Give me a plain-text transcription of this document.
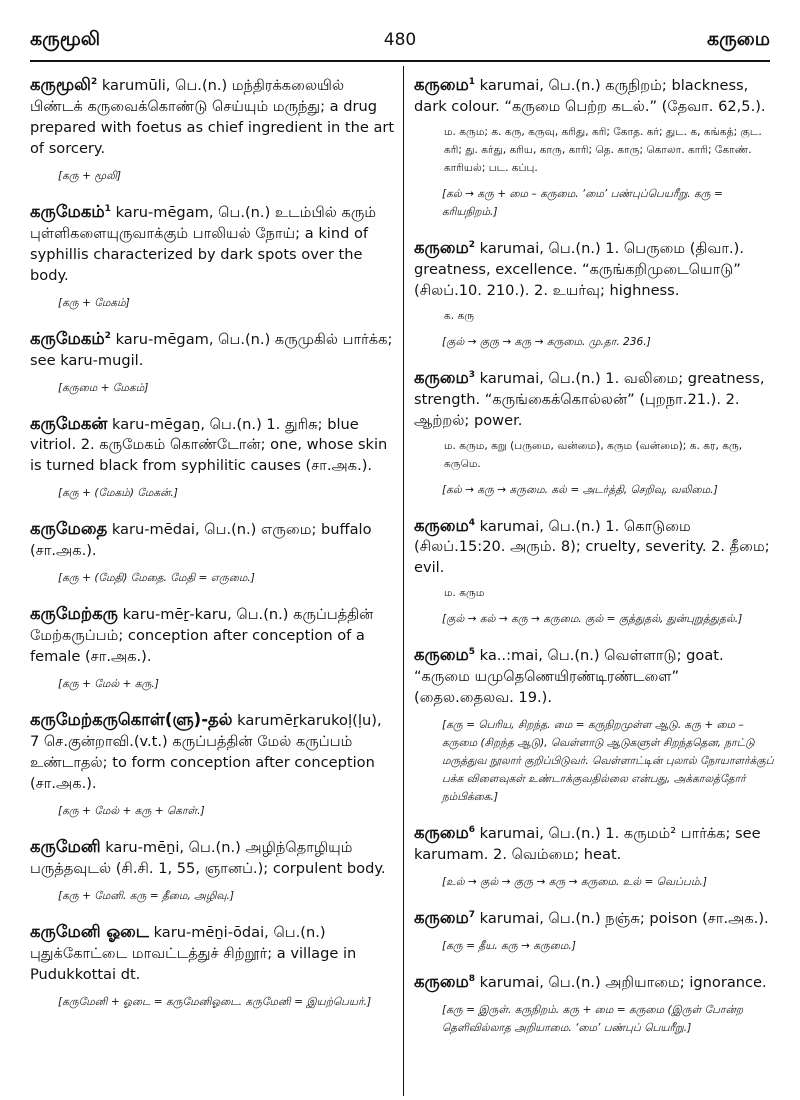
கருமூலி	480	கருமை

கருமூலி$^2$ karumūli, பெ.(n.) மந்திரக்கலையில் பிண்டக் கருவைக்கொண்டு செய்யும் மருந்து; a drug prepared with foetus as chief ingredient in the art of sorcery.

[கரு + மூலி]

கருமேகம்$^1$ karu-mēgam, பெ.(n.) உடம்பில் கரும் புள்ளிகளையுருவாக்கும் பாலியல் நோய்; a kind of syphillis characterized by dark spots over the body.

[கரு + மேகம்]

கருமேகம்$^2$ karu-mēgam, பெ.(n.) கருமுகில் பார்க்க; see karu-mugil.

[கருமை + மேகம்]

கருமேகன் karu-mēgaṉ, பெ.(n.) 1. துரிசு; blue vitriol. 2. கருமேகம் கொண்டோன்; one, whose skin is turned black from syphilitic causes (சா.அக.).

[கரு + (மேகம்) மேகன்.]

கருமேதை karu-mēdai, பெ.(n.) எருமை; buffalo (சா.அக.).

[கரு + (மேதி) மேதை. மேதி = எருமை.]

கருமேற்கரு karu-mēṟ-karu, பெ.(n.) கருப்பத்தின் மேற்கருப்பம்; conception after conception of a female (சா.அக.).

[கரு + மேல் + கரு.]

கருமேற்கருகொள்(ளு)-தல் karumēṟkarukoḷ(ḷu), 7 செ.குன்றாவி.(v.t.) கருப்பத்தின் மேல் கருப்பம் உண்டாதல்; to form conception after conception (சா.அக.).

[கரு + மேல் + கரு + கொள்.]

கருமேனி karu-mēṉi, பெ.(n.) அழிந்தொழியும் பருத்தவுடல் (சி.சி. 1, 55, ஞானப்.); corpulent body.

[கரு + மேனி. கரு = தீமை, அழிவு.]

கருமேனி ஓடை karu-mēṉi-ōdai, பெ.(n.) புதுக்கோட்டை மாவட்டத்துச் சிற்றூர்; a village in Pudukkottai dt.

[கருமேனி + ஓடை = கருமேனிஓடை. கருமேனி = இயற்பெயர்.]

கருமை$^1$ karumai, பெ.(n.) கருநிறம்; blackness, dark colour. “கருமை பெற்ற கடல்.” (தேவா. 62,5.).

ம. கரும; க. கரு, கருவு, கரிது, கரி; கோத. கர்; துட. க, கங்கத்; குட. கரி; து. கர்து, கரிய, காரு, காரி; தெ. காரு; கொலா. காரி; கோண். காரியல்; பட. கப்பு.

[கல் → கரு + மை – கருமை. ‘மை’ பண்புப்பெயரீறு. கரு = கரியநிறம்.]

கருமை$^2$ karumai, பெ.(n.) 1. பெருமை (திவா.). greatness, excellence. “கருங்கறிமுடையொடு” (சிலப்.10. 210.). 2. உயர்வு; highness.

க. கரு

[குல் → குரு → கரு → கருமை. மு.தா. 236.]

கருமை$^3$ karumai, பெ.(n.) 1. வலிமை; greatness, strength. “கருங்கைக்கொல்லன்” (புறநா.21.). 2. ஆற்றல்; power.

ம. கரும, கறு (பருமை, வன்மை), கரும (வன்மை); க. கர, கரு, கருமெ.

[கல் → கரு → கருமை. கல் = அடர்த்தி, செறிவு, வலிமை.]

கருமை$^4$ karumai, பெ.(n.) 1. கொடுமை (சிலப்.15:20. அரும். 8); cruelty, severity. 2. தீமை; evil.

ம. கரும

[குல் → கல் → கரு → கருமை. குல் = குத்துதல், துன்புறுத்துதல்.]

கருமை$^5$ ka..:mai, பெ.(n.) வெள்ளாடு; goat. “கருமை யமுதெணெயிரண்டிரண்டளை” (தைல.தைலவ. 19.).

[கரு = பெரிய, சிறந்த. மை = கருநிறமுள்ள ஆடு. கரு + மை – கருமை (சிறந்த ஆடு), வெள்ளாடு ஆடுகளுள் சிறந்ததென, நாட்டு மருத்துவ நூலார் குறிப்பிடுவர். வெள்ளாட்டின் புலால் நோயாளர்க்குப் பக்க விளைவுகள் உண்டாக்குவதில்லை என்பது, அக்காலத்தோர் நம்பிக்கை.]

கருமை$^6$ karumai, பெ.(n.) 1. கருமம்² பார்க்க; see karumam. 2. வெம்மை; heat.

[உல் → குல் → குரு → கரு → கருமை. உல் = வெப்பம்.]

கருமை$^7$ karumai, பெ.(n.) நஞ்சு; poison (சா.அக.).

[கரு = தீய. கரு → கருமை.]

கருமை$^8$ karumai, பெ.(n.) அறியாமை; ignorance.

[கரு = இருள். கருநிறம். கரு + மை = கருமை (இருள் போன்ற தெளிவில்லாத அறியாமை. ‘மை’ பண்புப் பெயரீறு.]
